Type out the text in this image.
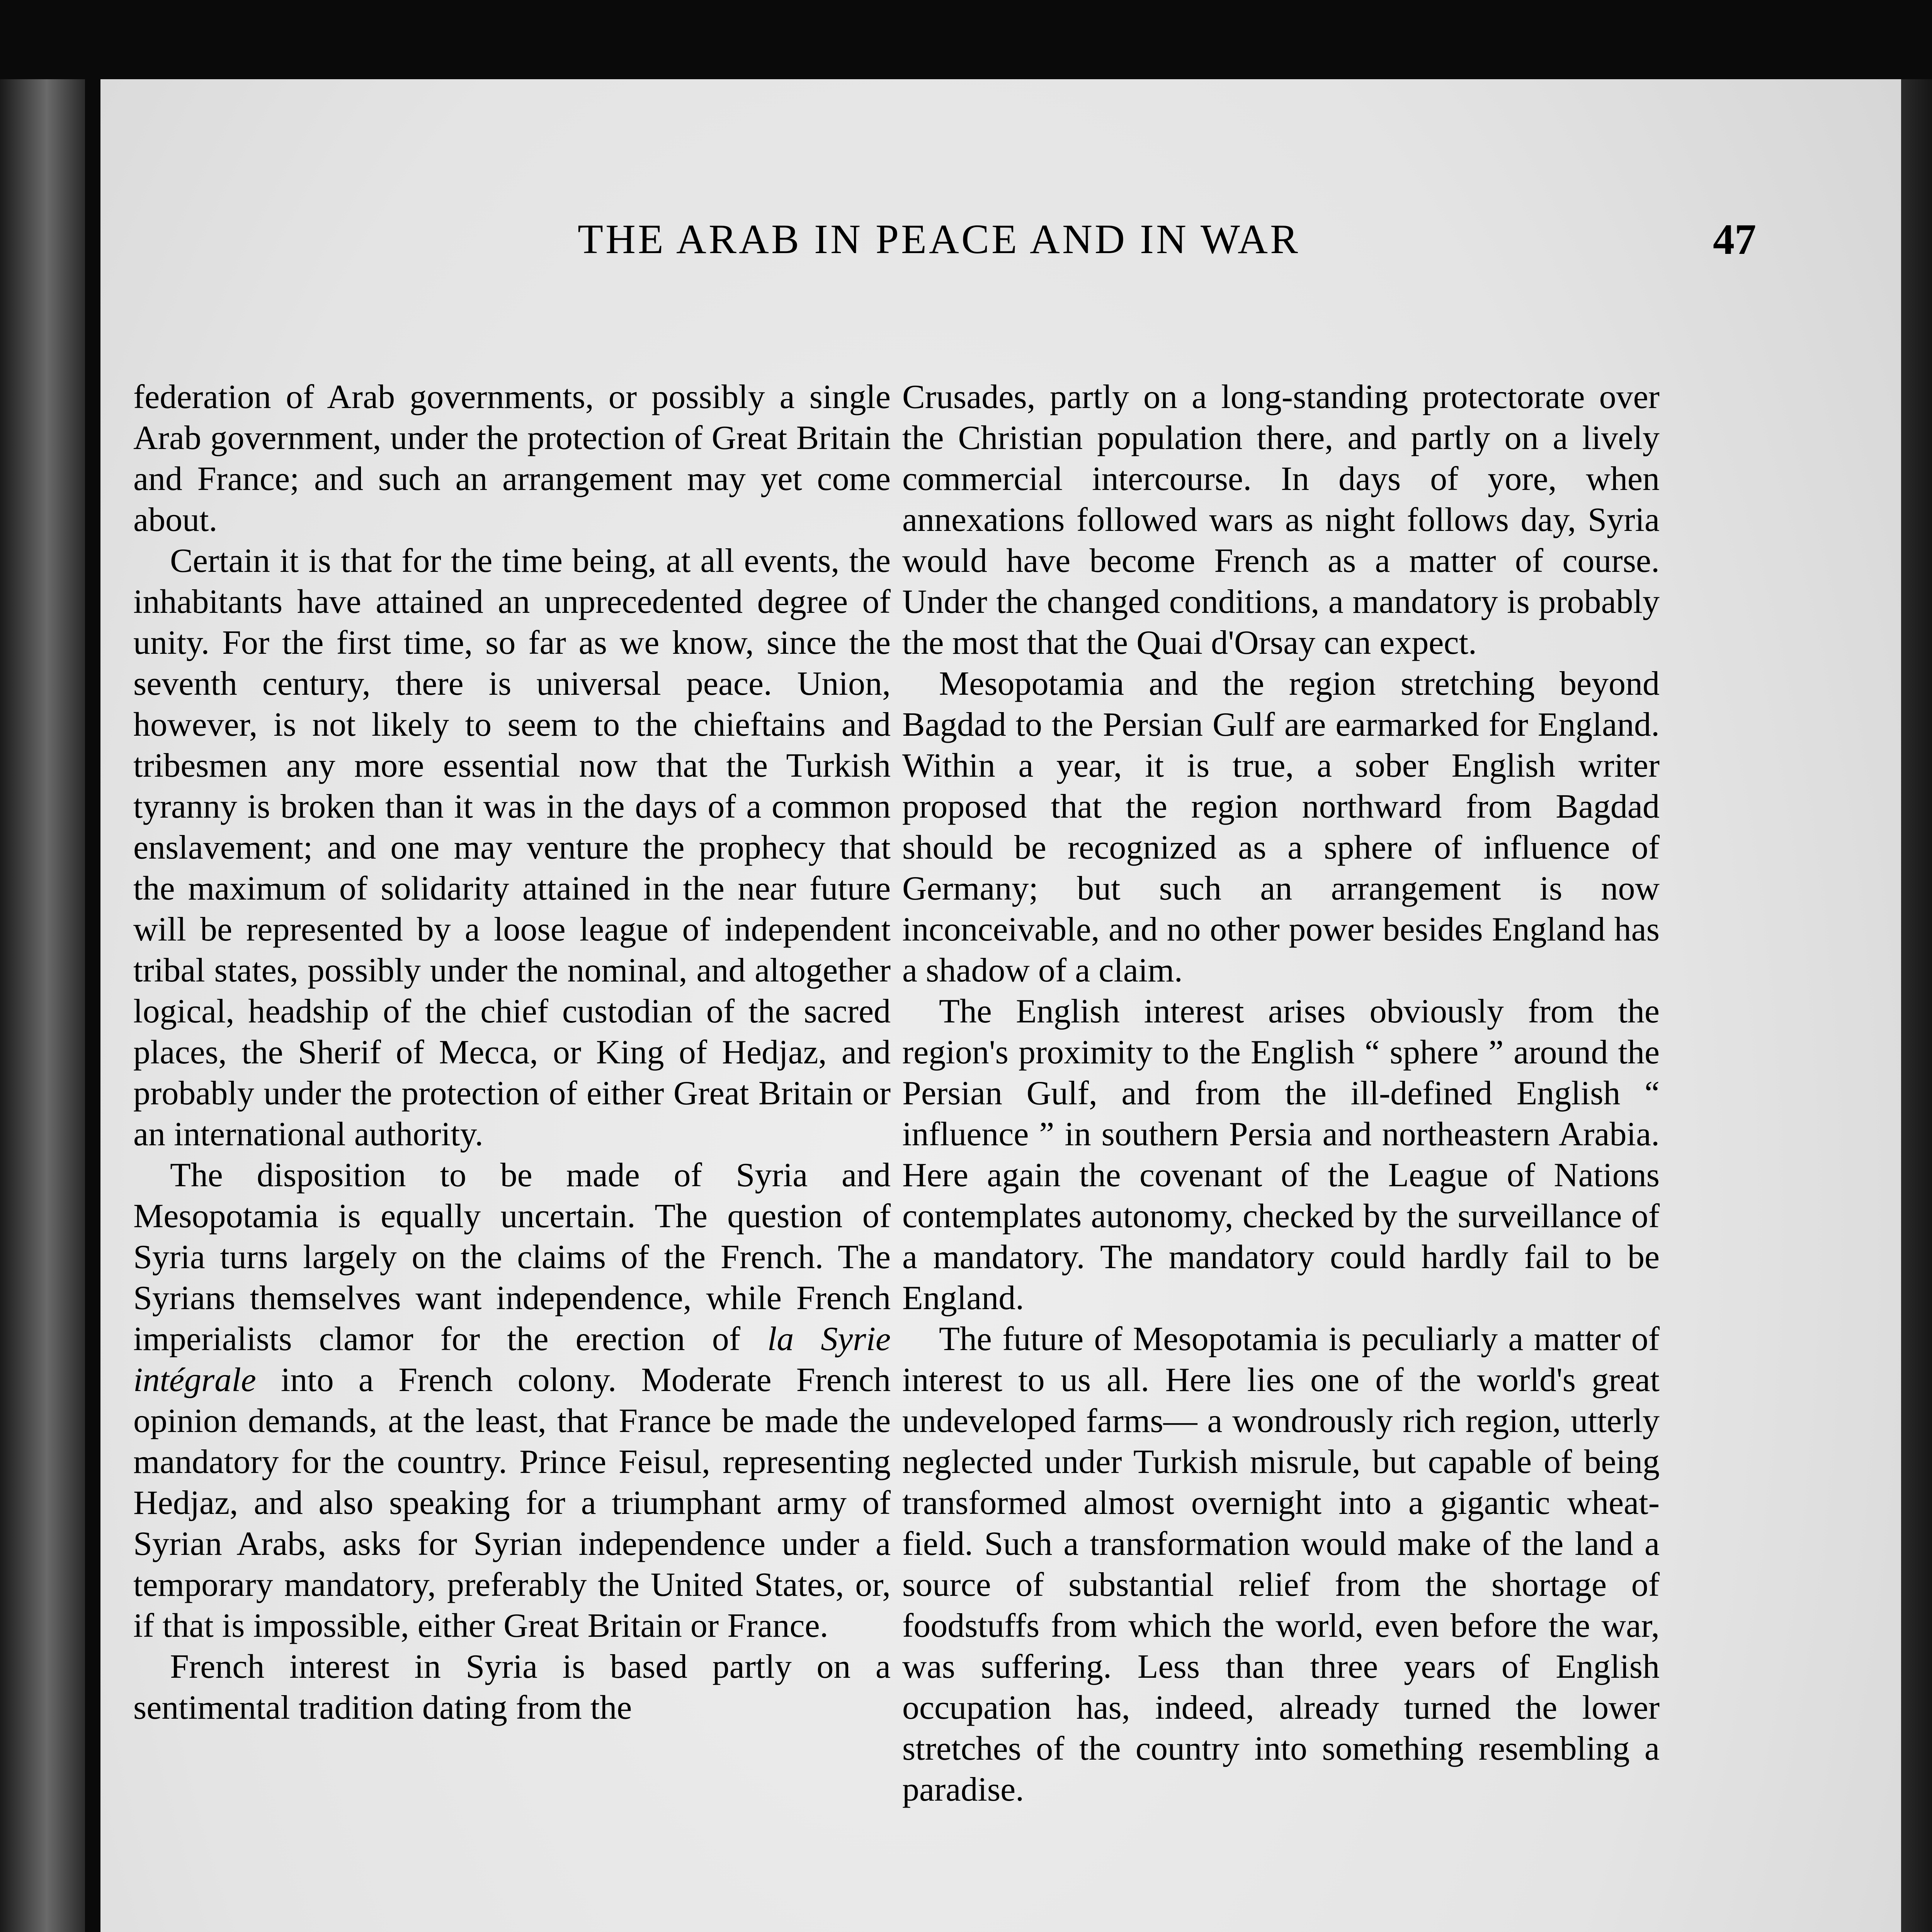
THE ARAB IN PEACE AND IN WAR	47

federation of Arab governments, or possibly a single Arab government, under the protection of Great Britain and France; and such an arrangement may yet come about.

Certain it is that for the time being, at all events, the inhabitants have attained an unprecedented degree of unity. For the first time, so far as we know, since the seventh century, there is universal peace. Union, however, is not likely to seem to the chieftains and tribesmen any more essential now that the Turkish tyranny is broken than it was in the days of a common enslavement; and one may venture the prophecy that the maximum of solidarity attained in the near future will be represented by a loose league of independent tribal states, possibly under the nominal, and altogether logical, headship of the chief custodian of the sacred places, the Sherif of Mecca, or King of Hedjaz, and probably under the protection of either Great Britain or an international authority.

The disposition to be made of Syria and Mesopotamia is equally uncertain. The question of Syria turns largely on the claims of the French. The Syrians themselves want independence, while French imperialists clamor for the erection of la Syrie intégrale into a French colony. Moderate French opinion demands, at the least, that France be made the mandatory for the country. Prince Feisul, representing Hedjaz, and also speaking for a triumphant army of Syrian Arabs, asks for Syrian independence under a temporary mandatory, preferably the United States, or, if that is impossible, either Great Britain or France.

French interest in Syria is based partly on a sentimental tradition dating from the

Crusades, partly on a long-standing protectorate over the Christian population there, and partly on a lively commercial intercourse. In days of yore, when annexations followed wars as night follows day, Syria would have become French as a matter of course. Under the changed conditions, a mandatory is probably the most that the Quai d'Orsay can expect.

Mesopotamia and the region stretching beyond Bagdad to the Persian Gulf are earmarked for England. Within a year, it is true, a sober English writer proposed that the region northward from Bagdad should be recognized as a sphere of influence of Germany; but such an arrangement is now inconceivable, and no other power besides England has a shadow of a claim.

The English interest arises obviously from the region's proximity to the English “ sphere ” around the Persian Gulf, and from the ill-defined English “ influence ” in southern Persia and northeastern Arabia. Here again the covenant of the League of Nations contemplates autonomy, checked by the surveillance of a mandatory. The mandatory could hardly fail to be England.

The future of Mesopotamia is peculiarly a matter of interest to us all. Here lies one of the world's great undeveloped farms— a wondrously rich region, utterly neglected under Turkish misrule, but capable of being transformed almost overnight into a gigantic wheat-field. Such a transformation would make of the land a source of substantial relief from the shortage of foodstuffs from which the world, even before the war, was suffering. Less than three years of English occupation has, indeed, already turned the lower stretches of the country into something resembling a paradise.
